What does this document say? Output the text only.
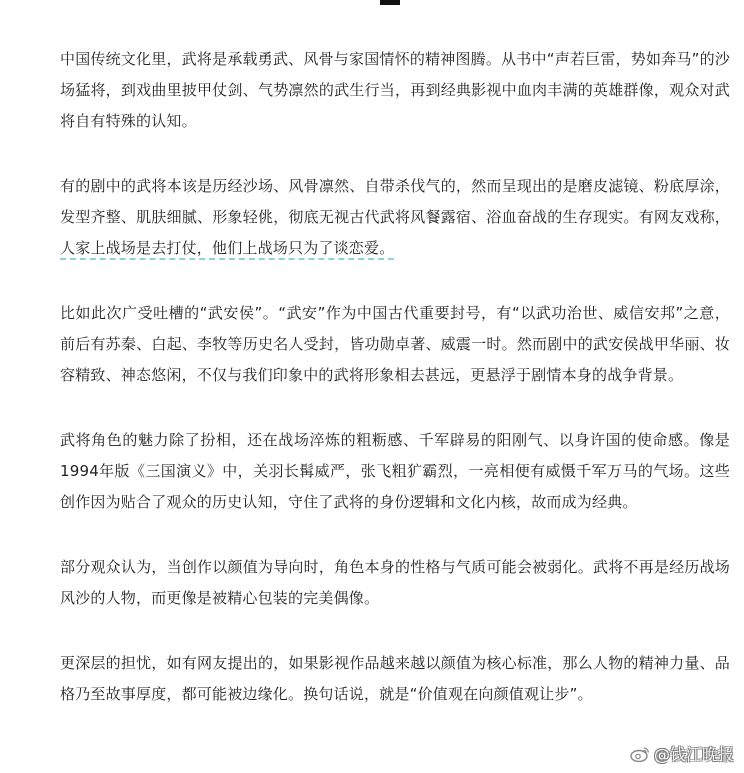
中国传统文化里，武将是承载勇武、风骨与家国情怀的精神图腾。从书中“声若巨雷，势如奔马”的沙场猛将，到戏曲里披甲仗剑、气势凛然的武生行当，再到经典影视中血肉丰满的英雄群像，观众对武将自有特殊的认知。

有的剧中的武将本该是历经沙场、风骨凛然、自带杀伐气的，然而呈现出的是磨皮滤镜、粉底厚涂，发型齐整、肌肤细腻、形象轻佻，彻底无视古代武将风餐露宿、浴血奋战的生存现实。有网友戏称，人家上战场是去打仗，他们上战场只为了谈恋爱。

比如此次广受吐槽的“武安侯”。“武安”作为中国古代重要封号，有“以武功治世、威信安邦”之意，前后有苏秦、白起、李牧等历史名人受封，皆功勋卓著、威震一时。然而剧中的武安侯战甲华丽、妆容精致、神态悠闲，不仅与我们印象中的武将形象相去甚远，更悬浮于剧情本身的战争背景。

武将角色的魅力除了扮相，还在战场淬炼的粗粝感、千军辟易的阳刚气、以身许国的使命感。像是1994年版《三国演义》中，关羽长髯威严，张飞粗犷霸烈，一亮相便有威慑千军万马的气场。这些创作因为贴合了观众的历史认知，守住了武将的身份逻辑和文化内核，故而成为经典。

部分观众认为，当创作以颜值为导向时，角色本身的性格与气质可能会被弱化。武将不再是经历战场风沙的人物，而更像是被精心包装的完美偶像。

更深层的担忧，如有网友提出的，如果影视作品越来越以颜值为核心标准，那么人物的精神力量、品格乃至故事厚度，都可能被边缘化。换句话说，就是“价值观在向颜值观让步”。

@钱江晚报
